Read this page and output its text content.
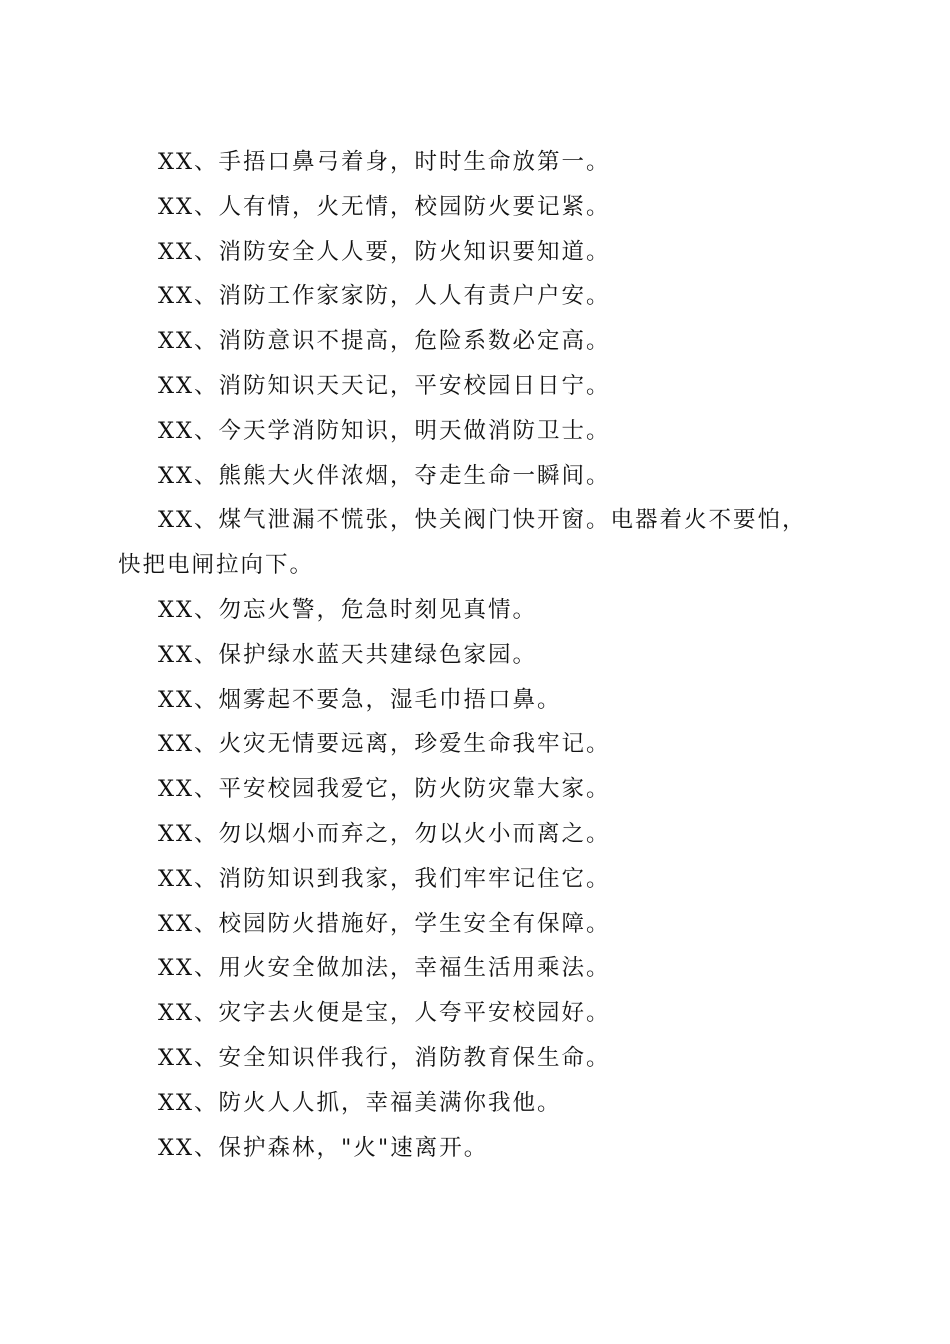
XX、手捂口鼻弓着身，时时生命放第一。

XX、人有情，火无情，校园防火要记紧。

XX、消防安全人人要，防火知识要知道。

XX、消防工作家家防，人人有责户户安。

XX、消防意识不提高，危险系数必定高。

XX、消防知识天天记，平安校园日日宁。

XX、今天学消防知识，明天做消防卫士。

XX、熊熊大火伴浓烟，夺走生命一瞬间。

XX、煤气泄漏不慌张，快关阀门快开窗。电器着火不要怕，快把电闸拉向下。

XX、勿忘火警，危急时刻见真情。

XX、保护绿水蓝天共建绿色家园。

XX、烟雾起不要急，湿毛巾捂口鼻。

XX、火灾无情要远离，珍爱生命我牢记。

XX、平安校园我爱它，防火防灾靠大家。

XX、勿以烟小而弃之，勿以火小而离之。

XX、消防知识到我家，我们牢牢记住它。

XX、校园防火措施好，学生安全有保障。

XX、用火安全做加法，幸福生活用乘法。

XX、灾字去火便是宝，人夸平安校园好。

XX、安全知识伴我行，消防教育保生命。

XX、防火人人抓，幸福美满你我他。

XX、保护森林，"火"速离开。
